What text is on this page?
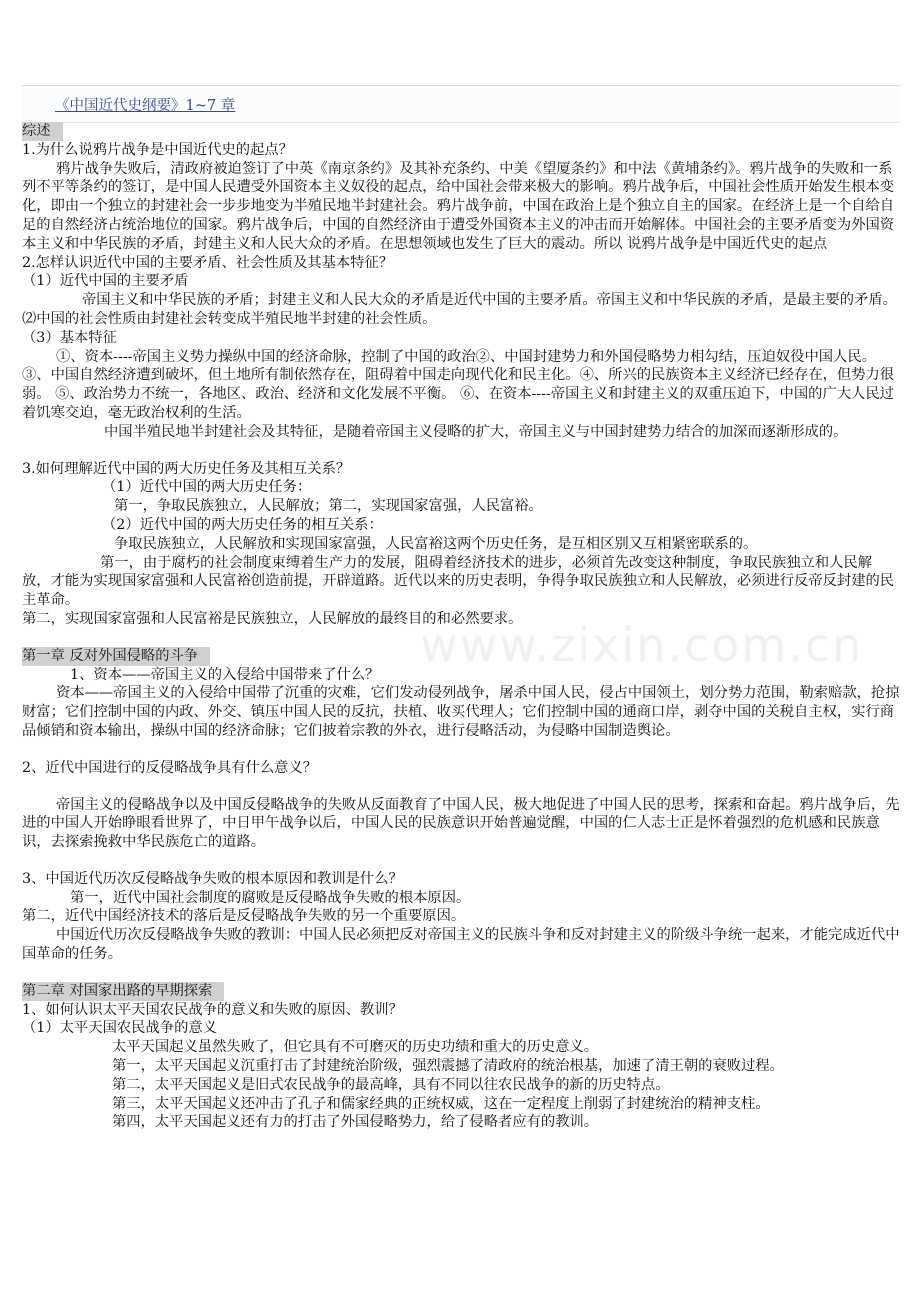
《中国近代史纲要》1~7 章
www.zixin.com.cn

综述

1.为什么说鸦片战争是中国近代史的起点？

鸦片战争失败后，清政府被迫签订了中英《南京条约》及其补充条约、中美《望厦条约》和中法《黄埔条约》。鸦片战争的失败和一系列不平等条约的签订，是中国人民遭受外国资本主义奴役的起点，给中国社会带来极大的影响。鸦片战争后，中国社会性质开始发生根本变化，即由一个独立的封建社会一步步地变为半殖民地半封建社会。鸦片战争前，中国在政治上是个独立自主的国家。在经济上是一个自给自足的自然经济占统治地位的国家。鸦片战争后，中国的自然经济由于遭受外国资本主义的冲击而开始解体。中国社会的主要矛盾变为外国资本主义和中华民族的矛盾，封建主义和人民大众的矛盾。在思想领域也发生了巨大的震动。所以 说鸦片战争是中国近代史的起点

2.怎样认识近代中国的主要矛盾、社会性质及其基本特征？

（1）近代中国的主要矛盾

帝国主义和中华民族的矛盾；封建主义和人民大众的矛盾是近代中国的主要矛盾。帝国主义和中华民族的矛盾，是最主要的矛盾。

⑵中国的社会性质由封建社会转变成半殖民地半封建的社会性质。

（3）基本特征

①、资本----帝国主义势力操纵中国的经济命脉，控制了中国的政治②、中国封建势力和外国侵略势力相勾结，压迫奴役中国人民。③、中国自然经济遭到破坏，但土地所有制依然存在，阻碍着中国走向现代化和民主化。④、所兴的民族资本主义经济已经存在，但势力很弱。 ⑤、政治势力不统一，各地区、政治、经济和文化发展不平衡。 ⑥、在资本----帝国主义和封建主义的双重压迫下，中国的广大人民过着饥寒交迫，毫无政治权利的生活。

中国半殖民地半封建社会及其特征，是随着帝国主义侵略的扩大，帝国主义与中国封建势力结合的加深而逐渐形成的。

3.如何理解近代中国的两大历史任务及其相互关系？

（1）近代中国的两大历史任务：

第一，争取民族独立，人民解放；第二，实现国家富强，人民富裕。

（2）近代中国的两大历史任务的相互关系：

争取民族独立，人民解放和实现国家富强，人民富裕这两个历史任务，是互相区别又互相紧密联系的。

第一，由于腐朽的社会制度束缚着生产力的发展，阻碍着经济技术的进步，必须首先改变这种制度，争取民族独立和人民解放，才能为实现国家富强和人民富裕创造前提，开辟道路。近代以来的历史表明，争得争取民族独立和人民解放，必须进行反帝反封建的民主革命。

第二，实现国家富强和人民富裕是民族独立，人民解放的最终目的和必然要求。

第一章 反对外国侵略的斗争

1、资本——帝国主义的入侵给中国带来了什么？

资本——帝国主义的入侵给中国带了沉重的灾难，它们发动侵列战争，屠杀中国人民，侵占中国领土，划分势力范围，勒索赔款，抢掠财富；它们控制中国的内政、外交、镇压中国人民的反抗，扶植、收买代理人；它们控制中国的通商口岸，剥夺中国的关税自主权，实行商品倾销和资本输出，操纵中国的经济命脉；它们披着宗教的外衣，进行侵略活动，为侵略中国制造舆论。

2、近代中国进行的反侵略战争具有什么意义？

帝国主义的侵略战争以及中国反侵略战争的失败从反面教育了中国人民，极大地促进了中国人民的思考，探索和奋起。鸦片战争后，先进的中国人开始睁眼看世界了，中日甲午战争以后，中国人民的民族意识开始普遍觉醒，中国的仁人志士正是怀着强烈的危机感和民族意识，去探索挽救中华民族危亡的道路。

3、中国近代历次反侵略战争失败的根本原因和教训是什么？

第一，近代中国社会制度的腐败是反侵略战争失败的根本原因。

第二，近代中国经济技术的落后是反侵略战争失败的另一个重要原因。

中国近代历次反侵略战争失败的教训：中国人民必须把反对帝国主义的民族斗争和反对封建主义的阶级斗争统一起来，才能完成近代中国革命的任务。

第二章 对国家出路的早期探索

1、如何认识太平天国农民战争的意义和失败的原因、教训？

（1）太平天国农民战争的意义

太平天国起义虽然失败了，但它具有不可磨灭的历史功绩和重大的历史意义。

第一，太平天国起义沉重打击了封建统治阶级，强烈震撼了清政府的统治根基，加速了清王朝的衰败过程。

第二，太平天国起义是旧式农民战争的最高峰，具有不同以往农民战争的新的历史特点。

第三，太平天国起义还冲击了孔子和儒家经典的正统权威，这在一定程度上削弱了封建统治的精神支柱。

第四，太平天国起义还有力的打击了外国侵略势力，给了侵略者应有的教训。
